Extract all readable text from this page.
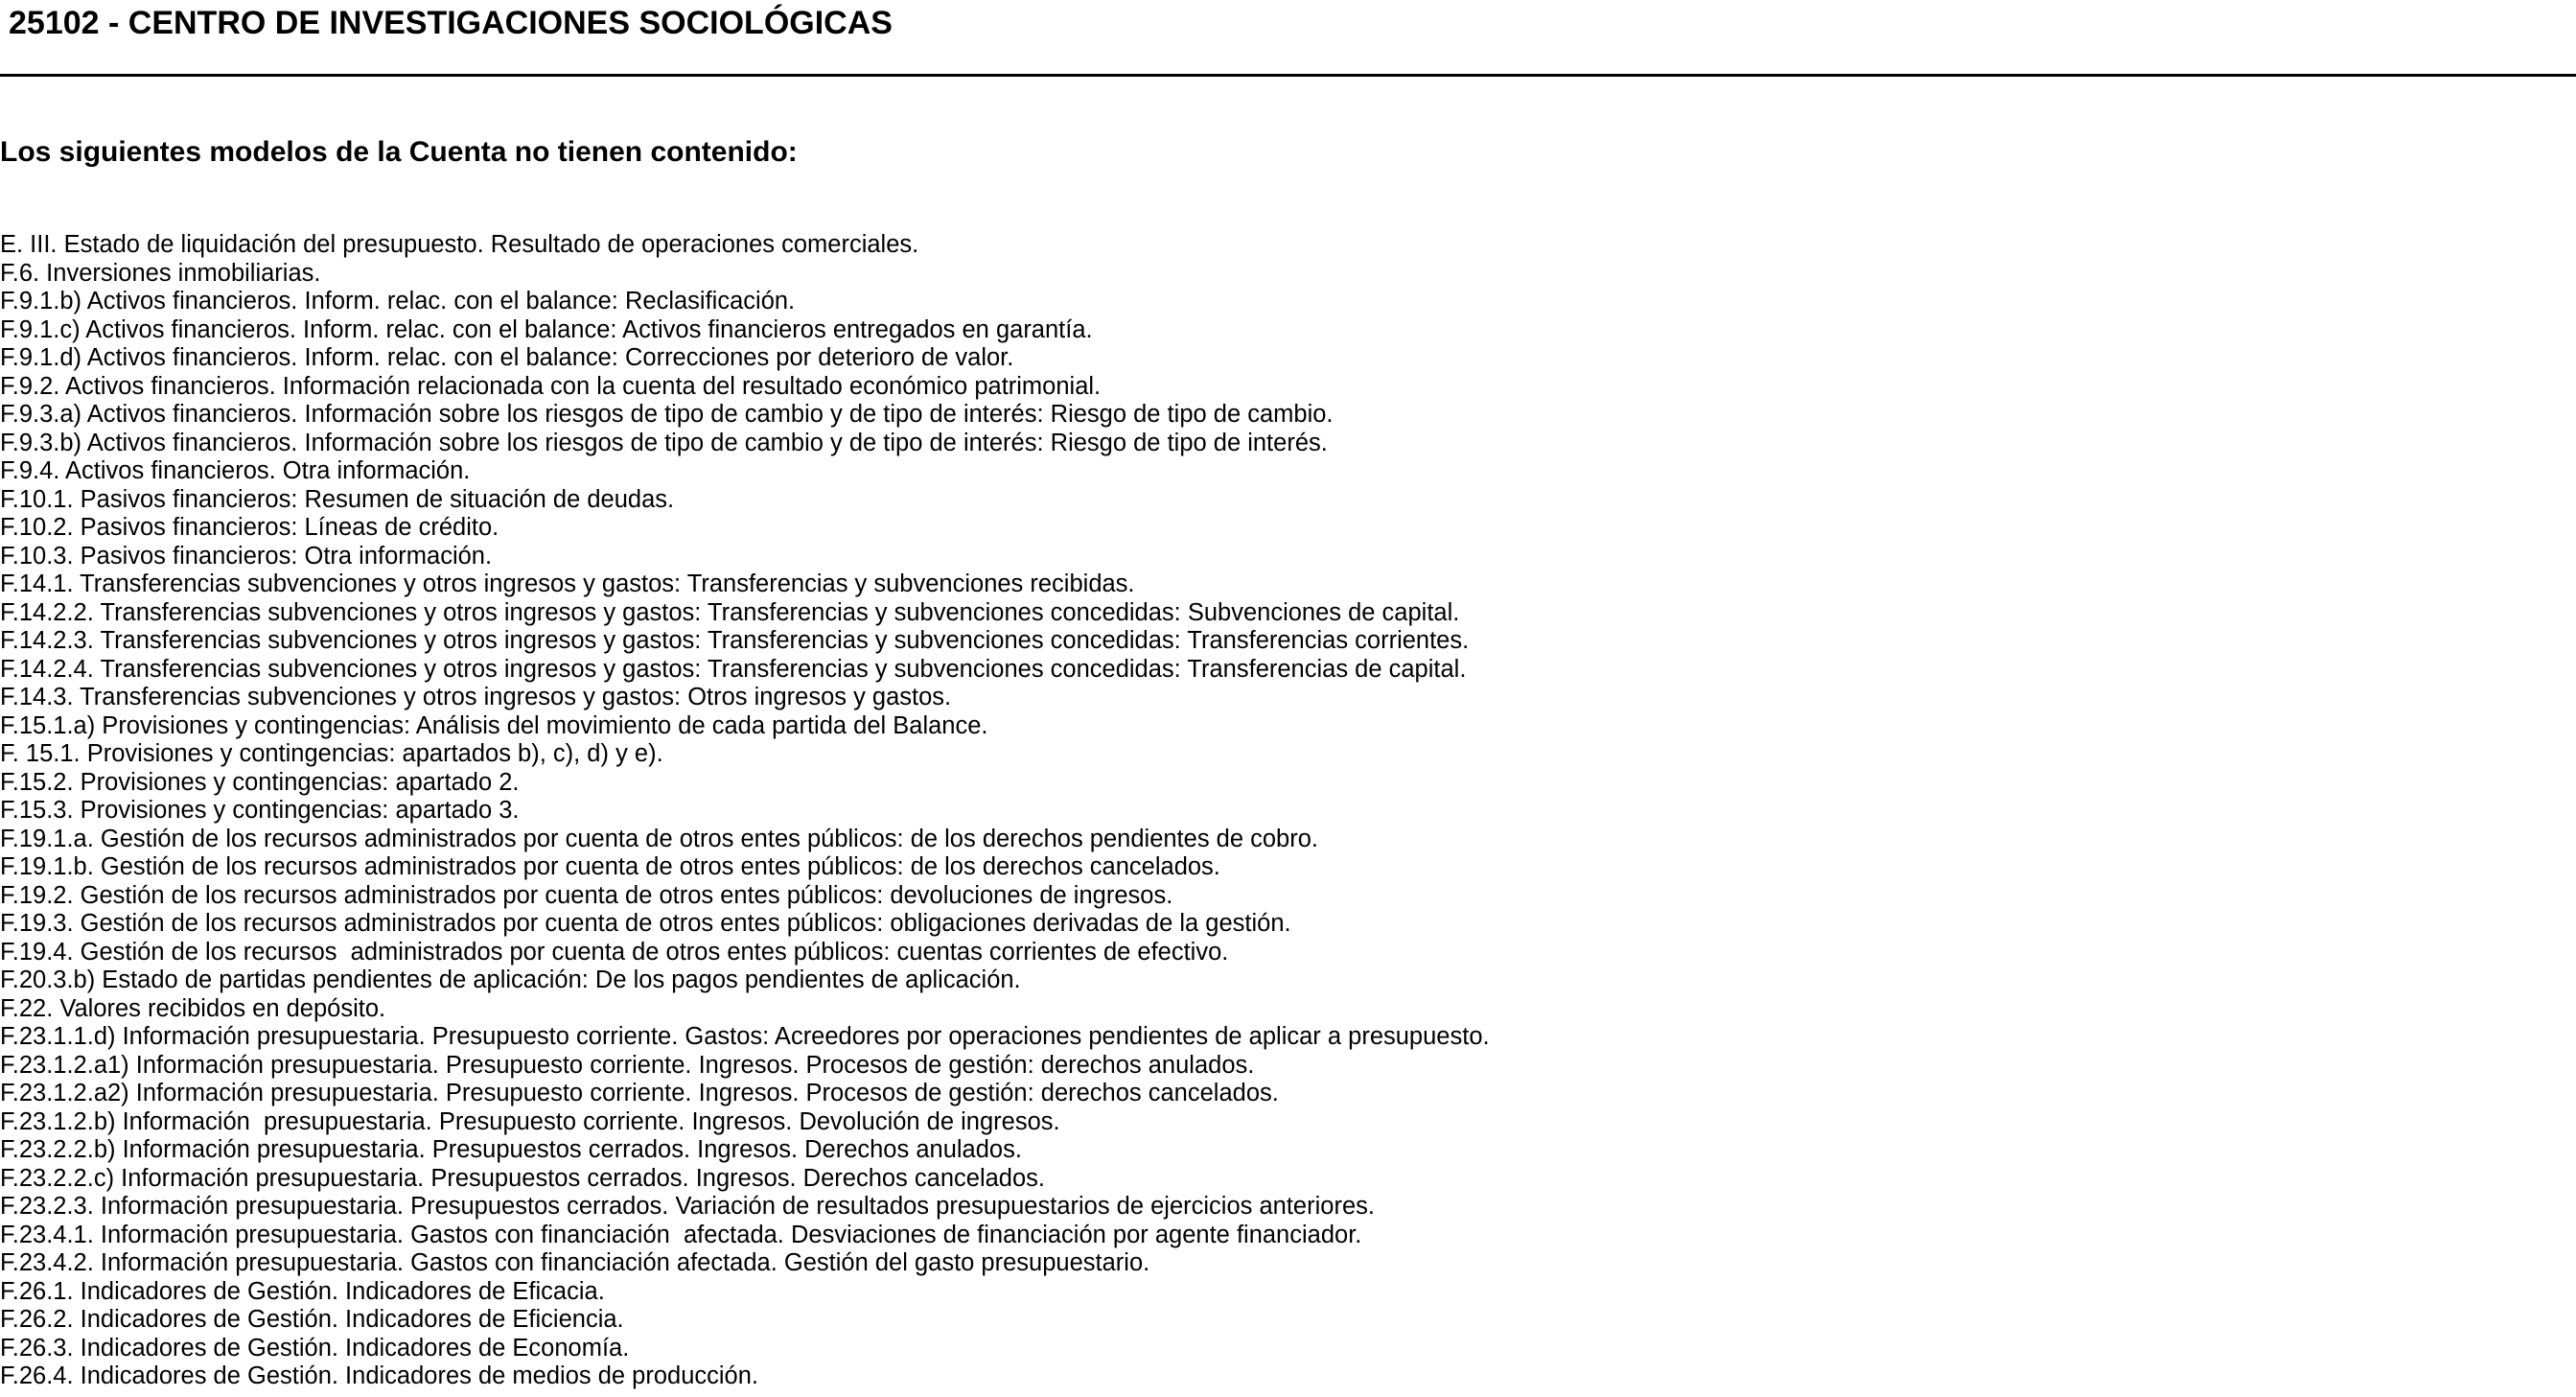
25102 - CENTRO DE INVESTIGACIONES SOCIOLÓGICAS
Los siguientes modelos de la Cuenta no tienen contenido:
E. III. Estado de liquidación del presupuesto. Resultado de operaciones comerciales.
F.6. Inversiones inmobiliarias.
F.9.1.b) Activos financieros. Inform. relac. con el balance: Reclasificación.
F.9.1.c) Activos financieros. Inform. relac. con el balance: Activos financieros entregados en garantía.
F.9.1.d) Activos financieros. Inform. relac. con el balance: Correcciones por deterioro de valor.
F.9.2. Activos financieros. Información relacionada con la cuenta del resultado económico patrimonial.
F.9.3.a) Activos financieros. Información sobre los riesgos de tipo de cambio y de tipo de interés: Riesgo de tipo de cambio.
F.9.3.b) Activos financieros. Información sobre los riesgos de tipo de cambio y de tipo de interés: Riesgo de tipo de interés.
F.9.4. Activos financieros. Otra información.
F.10.1. Pasivos financieros: Resumen de situación de deudas.
F.10.2. Pasivos financieros: Líneas de crédito.
F.10.3. Pasivos financieros: Otra información.
F.14.1. Transferencias subvenciones y otros ingresos y gastos: Transferencias y subvenciones recibidas.
F.14.2.2. Transferencias subvenciones y otros ingresos y gastos: Transferencias y subvenciones concedidas: Subvenciones de capital.
F.14.2.3. Transferencias subvenciones y otros ingresos y gastos: Transferencias y subvenciones concedidas: Transferencias corrientes.
F.14.2.4. Transferencias subvenciones y otros ingresos y gastos: Transferencias y subvenciones concedidas: Transferencias de capital.
F.14.3. Transferencias subvenciones y otros ingresos y gastos: Otros ingresos y gastos.
F.15.1.a) Provisiones y contingencias: Análisis del movimiento de cada partida del Balance.
F. 15.1. Provisiones y contingencias: apartados b), c), d) y e).
F.15.2. Provisiones y contingencias: apartado 2.
F.15.3. Provisiones y contingencias: apartado 3.
F.19.1.a. Gestión de los recursos administrados por cuenta de otros entes públicos: de los derechos pendientes de cobro.
F.19.1.b. Gestión de los recursos administrados por cuenta de otros entes públicos: de los derechos cancelados.
F.19.2. Gestión de los recursos administrados por cuenta de otros entes públicos: devoluciones de ingresos.
F.19.3. Gestión de los recursos administrados por cuenta de otros entes públicos: obligaciones derivadas de la gestión.
F.19.4. Gestión de los recursos  administrados por cuenta de otros entes públicos: cuentas corrientes de efectivo.
F.20.3.b) Estado de partidas pendientes de aplicación: De los pagos pendientes de aplicación.
F.22. Valores recibidos en depósito.
F.23.1.1.d) Información presupuestaria. Presupuesto corriente. Gastos: Acreedores por operaciones pendientes de aplicar a presupuesto.
F.23.1.2.a1) Información presupuestaria. Presupuesto corriente. Ingresos. Procesos de gestión: derechos anulados.
F.23.1.2.a2) Información presupuestaria. Presupuesto corriente. Ingresos. Procesos de gestión: derechos cancelados.
F.23.1.2.b) Información  presupuestaria. Presupuesto corriente. Ingresos. Devolución de ingresos.
F.23.2.2.b) Información presupuestaria. Presupuestos cerrados. Ingresos. Derechos anulados.
F.23.2.2.c) Información presupuestaria. Presupuestos cerrados. Ingresos. Derechos cancelados.
F.23.2.3. Información presupuestaria. Presupuestos cerrados. Variación de resultados presupuestarios de ejercicios anteriores.
F.23.4.1. Información presupuestaria. Gastos con financiación  afectada. Desviaciones de financiación por agente financiador.
F.23.4.2. Información presupuestaria. Gastos con financiación afectada. Gestión del gasto presupuestario.
F.26.1. Indicadores de Gestión. Indicadores de Eficacia.
F.26.2. Indicadores de Gestión. Indicadores de Eficiencia.
F.26.3. Indicadores de Gestión. Indicadores de Economía.
F.26.4. Indicadores de Gestión. Indicadores de medios de producción.
